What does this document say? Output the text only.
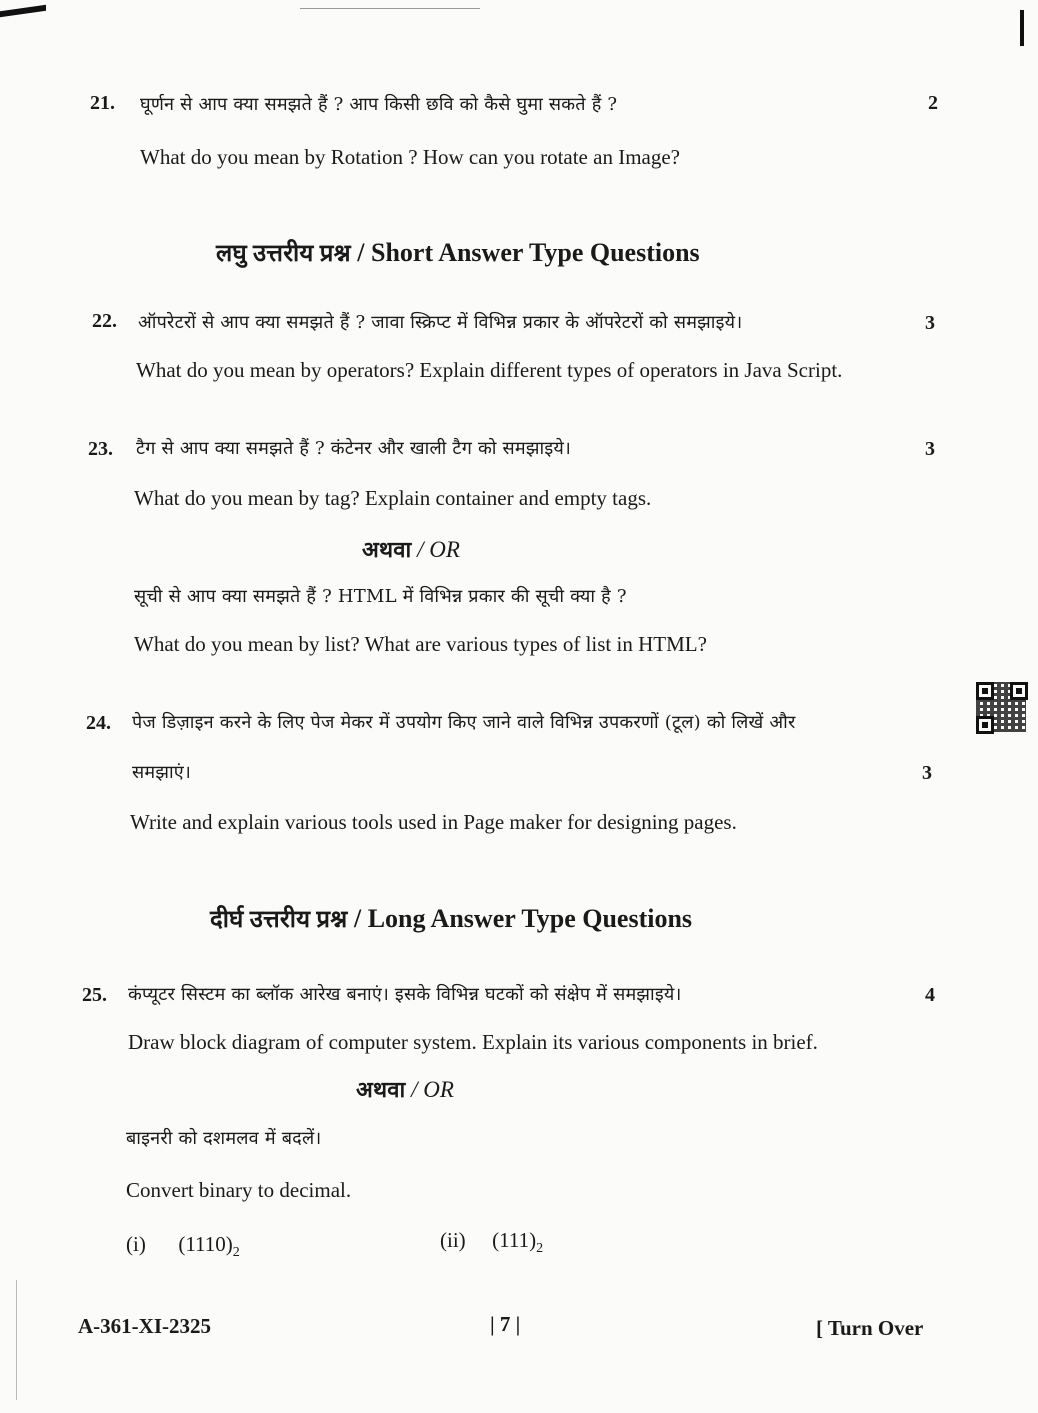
21. घूर्णन से आप क्या समझते हैं ? आप किसी छवि को कैसे घुमा सकते हैं ?	2
What do you mean by Rotation ? How can you rotate an Image?
लघु उत्तरीय प्रश्न / Short Answer Type Questions
22. ऑपरेटरों से आप क्या समझते हैं ? जावा स्क्रिप्ट में विभिन्न प्रकार के ऑपरेटरों को समझाइये।	3
What do you mean by operators? Explain different types of operators in Java Script.
23. टैग से आप क्या समझते हैं ? कंटेनर और खाली टैग को समझाइये।	3
What do you mean by tag? Explain container and empty tags.
अथवा / OR
सूची से आप क्या समझते हैं ? HTML में विभिन्न प्रकार की सूची क्या है ?
What do you mean by list? What are various types of list in HTML?
24. पेज डिज़ाइन करने के लिए पेज मेकर में उपयोग किए जाने वाले विभिन्न उपकरणों (टूल) को लिखें और
समझाएं।	3
Write and explain various tools used in Page maker for designing pages.
दीर्घ उत्तरीय प्रश्न / Long Answer Type Questions
25. कंप्यूटर सिस्टम का ब्लॉक आरेख बनाएं। इसके विभिन्न घटकों को संक्षेप में समझाइये।	4
Draw block diagram of computer system. Explain its various components in brief.
अथवा / OR
बाइनरी को दशमलव में बदलें।
Convert binary to decimal.
(i) $(1110)_2$
(ii) $(111)_2$
A-361-XI-2325	| 7 |	[ Turn Over
